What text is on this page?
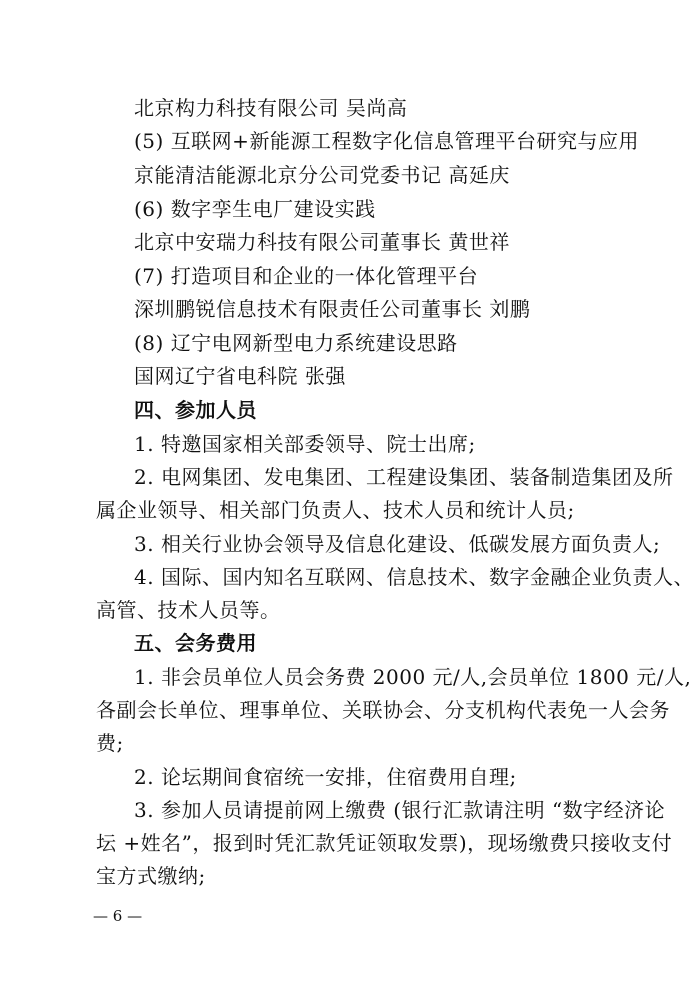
北京构力科技有限公司 吴尚高
(5) 互联网+新能源工程数字化信息管理平台研究与应用
京能清洁能源北京分公司党委书记 高延庆
(6) 数字孪生电厂建设实践
北京中安瑞力科技有限公司董事长 黄世祥
(7) 打造项目和企业的一体化管理平台
深圳鹏锐信息技术有限责任公司董事长 刘鹏
(8) 辽宁电网新型电力系统建设思路
国网辽宁省电科院 张强
四、参加人员
1. 特邀国家相关部委领导、院士出席;
2. 电网集团、发电集团、工程建设集团、装备制造集团及所
属企业领导、相关部门负责人、技术人员和统计人员;
3. 相关行业协会领导及信息化建设、低碳发展方面负责人;
4. 国际、国内知名互联网、信息技术、数字金融企业负责人、
高管、技术人员等。
五、会务费用
1. 非会员单位人员会务费 2000 元/人,会员单位 1800 元/人,
各副会长单位、理事单位、关联协会、分支机构代表免一人会务
费;
2. 论坛期间食宿统一安排，住宿费用自理;
3. 参加人员请提前网上缴费 (银行汇款请注明 “数字经济论
坛 +姓名”，报到时凭汇款凭证领取发票)，现场缴费只接收支付
宝方式缴纳;
— 6 —
